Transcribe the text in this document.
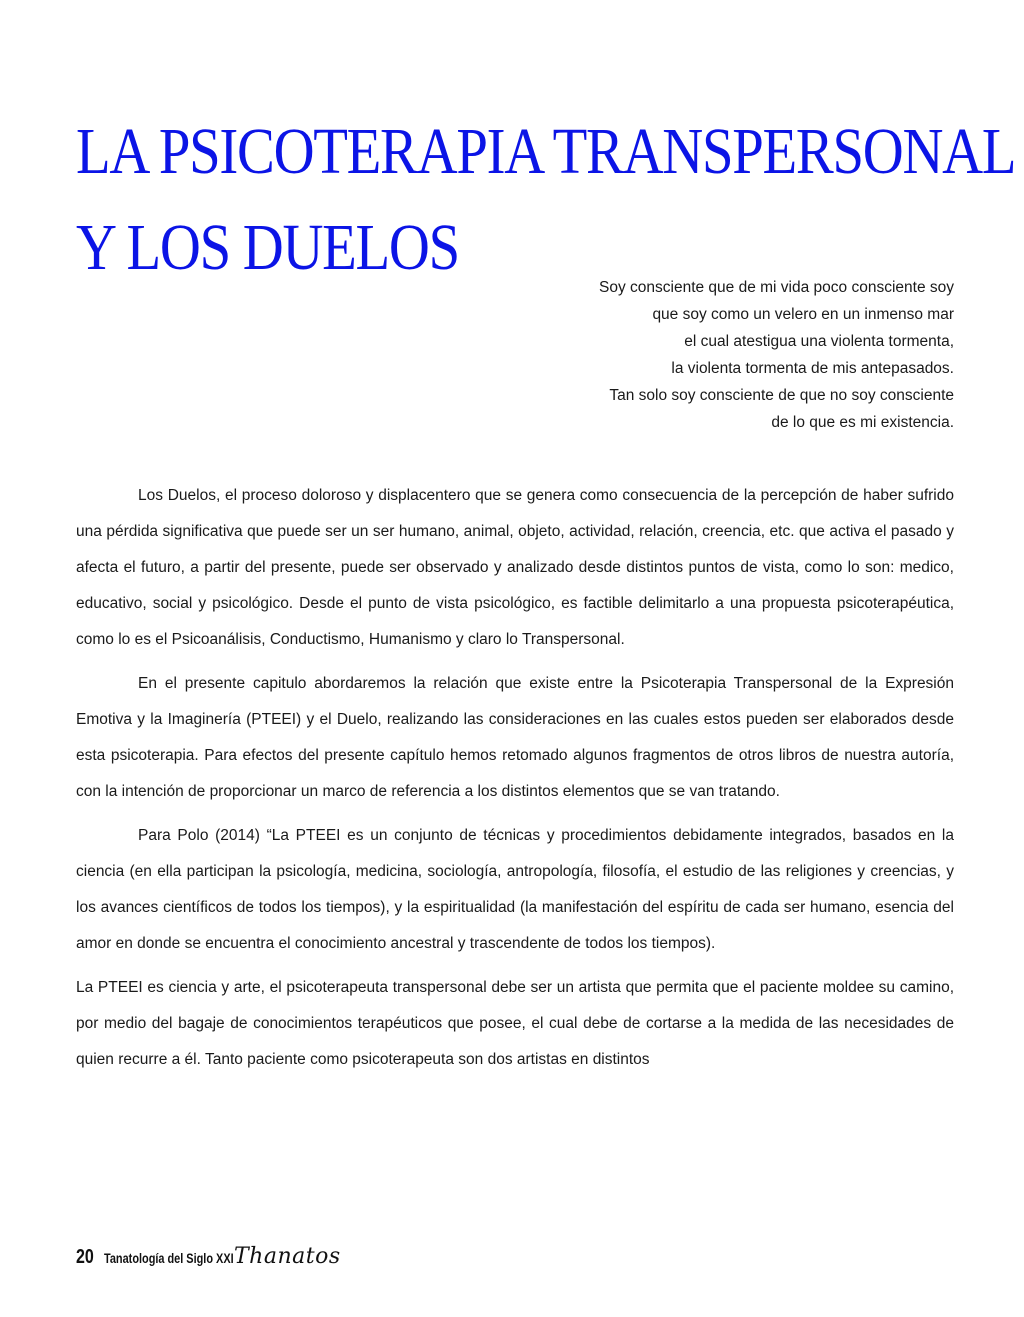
LA PSICOTERAPIA TRANSPERSONAL
Y LOS DUELOS
Soy consciente que de mi vida poco consciente soy
que soy como un velero en un inmenso mar
el cual atestigua una violenta tormenta,
la violenta tormenta de mis antepasados.
Tan solo soy consciente de que no soy consciente
de lo que es mi existencia.

Los Duelos, el proceso doloroso y displacentero que se genera como consecuencia de la percepción de haber sufrido una pérdida significativa que puede ser un ser humano, animal, objeto, actividad, relación, creencia, etc. que activa el pasado y afecta el futuro, a partir del presente, puede ser observado y analizado desde distintos puntos de vista, como lo son: medico, educativo, social y psicológico. Desde el punto de vista psicológico, es factible delimitarlo a una propuesta psicoterapéutica, como lo es el Psicoanálisis, Conductismo, Humanismo y claro lo Transpersonal.

En el presente capitulo abordaremos la relación que existe entre la Psicoterapia Transpersonal de la Expresión Emotiva y la Imaginería (PTEEI) y el Duelo, realizando las consideraciones en las cuales estos pueden ser elaborados desde esta psicoterapia. Para efectos del presente capítulo hemos retomado algunos fragmentos de otros libros de nuestra autoría, con la intención de proporcionar un marco de referencia a los distintos elementos que se van tratando.

Para Polo (2014) “La PTEEI es un conjunto de técnicas y procedimientos debidamente integrados, basados en la ciencia (en ella participan la psicología, medicina, sociología, antropología, filosofía, el estudio de las religiones y creencias, y los avances científicos de todos los tiempos), y la espiritualidad (la manifestación del espíritu de cada ser humano, esencia del amor en donde se encuentra el conocimiento ancestral y trascendente de todos los tiempos).

La PTEEI es ciencia y arte, el psicoterapeuta transpersonal debe ser un artista que permita que el paciente moldee su camino, por medio del bagaje de conocimientos terapéuticos que posee, el cual debe de cortarse a la medida de las necesidades de quien recurre a él. Tanto paciente como psicoterapeuta son dos artistas en distintos

20 Tanatología del Siglo XXI Thanatos
